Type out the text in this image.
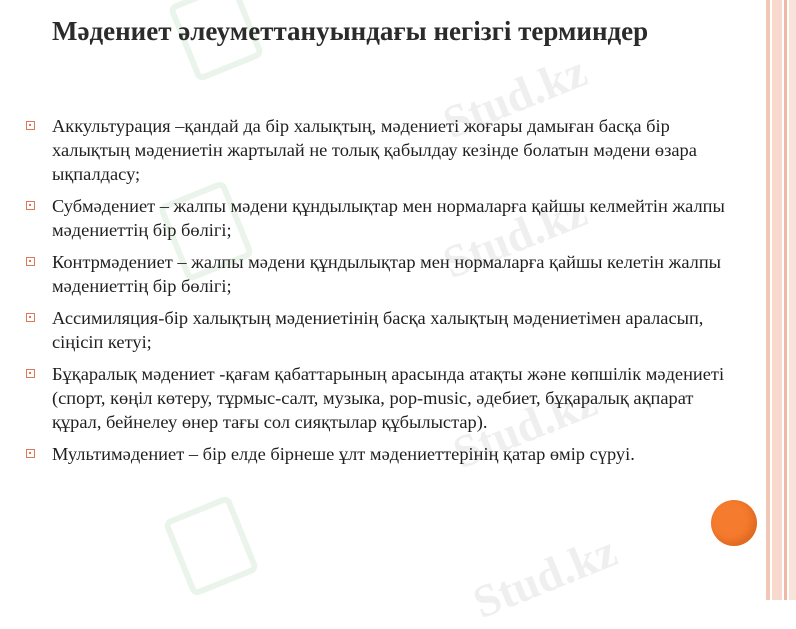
Stud.kz
Stud.kz
Stud.kz
Stud.kz
Мәдениет әлеуметтануындағы негізгі терминдер
Аккультурация –қандай да бір халықтың, мәдениеті жоғары дамыған басқа бір халықтың мәдениетін жартылай не толық қабылдау кезінде болатын мәдени өзара ықпалдасу;
Субмәдениет – жалпы мәдени құндылықтар мен нормаларға қайшы келмейтін жалпы мәдениеттің бір бөлігі;
Контрмәдениет – жалпы мәдени құндылықтар мен нормаларға қайшы келетін жалпы мәдениеттің бір бөлігі;
Ассимиляция-бір халықтың мәдениетінің басқа халықтың мәдениетімен араласып, сіңісіп кетуі;
Бұқаралық мәдениет -қағам қабаттарының арасында атақты және көпшілік мәдениеті (спорт, көңіл көтеру, тұрмыс-салт, музыка, pop-music, әдебиет, бұқаралық ақпарат құрал, бейнелеу өнер тағы сол сияқтылар құбылыстар).
Мультимәдениет – бір елде бірнеше ұлт мәдениеттерінің қатар өмір сүруі.
